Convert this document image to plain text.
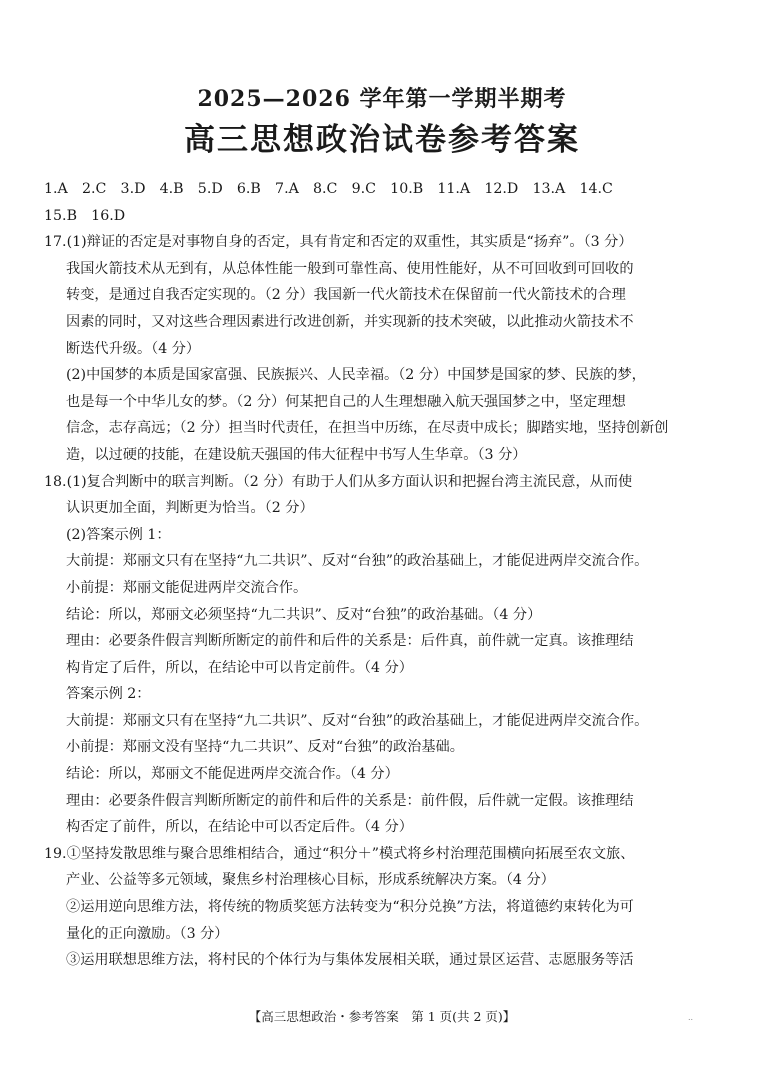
2025—2026 学年第一学期半期考
高三思想政治试卷参考答案
1.A　2.C　3.D　4.B　5.D　6.B　7.A　8.C　9.C　10.B　11.A　12.D　13.A　14.C
15.B　16.D
17.(1)辩证的否定是对事物自身的否定，具有肯定和否定的双重性，其实质是“扬弃”。（3 分）
我国火箭技术从无到有，从总体性能一般到可靠性高、使用性能好，从不可回收到可回收的
转变，是通过自我否定实现的。（2 分）我国新一代火箭技术在保留前一代火箭技术的合理
因素的同时，又对这些合理因素进行改进创新，并实现新的技术突破，以此推动火箭技术不
断迭代升级。（4 分）
(2)中国梦的本质是国家富强、民族振兴、人民幸福。（2 分）中国梦是国家的梦、民族的梦，
也是每一个中华儿女的梦。（2 分）何某把自己的人生理想融入航天强国梦之中，坚定理想
信念，志存高远；（2 分）担当时代责任，在担当中历练，在尽责中成长；脚踏实地，坚持创新创
造，以过硬的技能，在建设航天强国的伟大征程中书写人生华章。（3 分）
18.(1)复合判断中的联言判断。（2 分）有助于人们从多方面认识和把握台湾主流民意，从而使
认识更加全面，判断更为恰当。（2 分）
(2)答案示例 1：
大前提：郑丽文只有在坚持“九二共识”、反对“台独”的政治基础上，才能促进两岸交流合作。
小前提：郑丽文能促进两岸交流合作。
结论：所以，郑丽文必须坚持“九二共识”、反对“台独”的政治基础。（4 分）
理由：必要条件假言判断所断定的前件和后件的关系是：后件真，前件就一定真。该推理结
构肯定了后件，所以，在结论中可以肯定前件。（4 分）
答案示例 2：
大前提：郑丽文只有在坚持“九二共识”、反对“台独”的政治基础上，才能促进两岸交流合作。
小前提：郑丽文没有坚持“九二共识”、反对“台独”的政治基础。
结论：所以，郑丽文不能促进两岸交流合作。（4 分）
理由：必要条件假言判断所断定的前件和后件的关系是：前件假，后件就一定假。该推理结
构否定了前件，所以，在结论中可以否定后件。（4 分）
19.①坚持发散思维与聚合思维相结合，通过“积分＋”模式将乡村治理范围横向拓展至农文旅、
产业、公益等多元领域，聚焦乡村治理核心目标，形成系统解决方案。（4 分）
②运用逆向思维方法，将传统的物质奖惩方法转变为“积分兑换”方法，将道德约束转化为可
量化的正向激励。（3 分）
③运用联想思维方法，将村民的个体行为与集体发展相关联，通过景区运营、志愿服务等活
【高三思想政治・参考答案　第 1 页(共 2 页)】	..
